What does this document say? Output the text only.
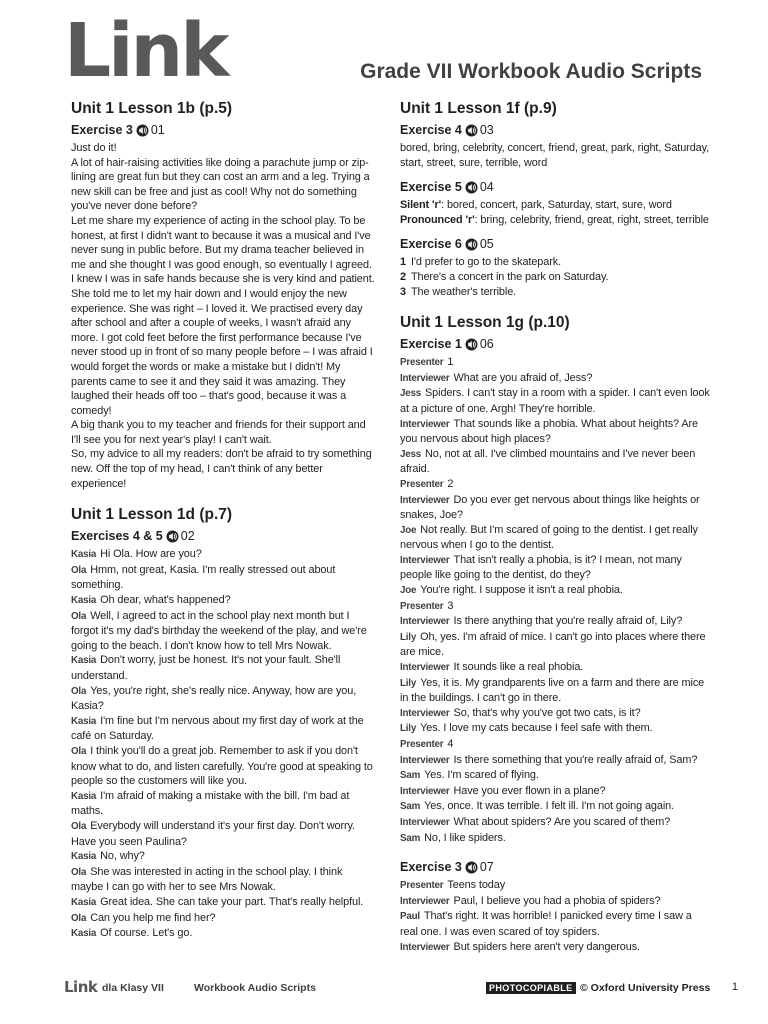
Link	Grade VII Workbook Audio Scripts
Unit 1 Lesson 1b (p.5)
Exercise 3 01
Just do it!
A lot of hair-raising activities like doing a parachute jump or zip-lining are great fun but they can cost an arm and a leg. Trying a new skill can be free and just as cool! Why not do something you've never done before?
Let me share my experience of acting in the school play. To be honest, at first I didn't want to because it was a musical and I've never sung in public before. But my drama teacher believed in me and she thought I was good enough, so eventually I agreed. I knew I was in safe hands because she is very kind and patient. She told me to let my hair down and I would enjoy the new experience. She was right – I loved it. We practised every day after school and after a couple of weeks, I wasn't afraid any more. I got cold feet before the first performance because I've never stood up in front of so many people before – I was afraid I would forget the words or make a mistake but I didn't! My parents came to see it and they said it was amazing. They laughed their heads off too – that's good, because it was a comedy!
A big thank you to my teacher and friends for their support and I'll see you for next year's play! I can't wait.
So, my advice to all my readers: don't be afraid to try something new. Off the top of my head, I can't think of any better experience!
Unit 1 Lesson 1d (p.7)
Exercises 4 & 5 02
Kasia Hi Ola. How are you?
Ola Hmm, not great, Kasia. I'm really stressed out about something.
Kasia Oh dear, what's happened?
Ola Well, I agreed to act in the school play next month but I forgot it's my dad's birthday the weekend of the play, and we're going to the beach. I don't know how to tell Mrs Nowak.
Kasia Don't worry, just be honest. It's not your fault. She'll understand.
Ola Yes, you're right, she's really nice. Anyway, how are you, Kasia?
Kasia I'm fine but I'm nervous about my first day of work at the café on Saturday.
Ola I think you'll do a great job. Remember to ask if you don't know what to do, and listen carefully. You're good at speaking to people so the customers will like you.
Kasia I'm afraid of making a mistake with the bill. I'm bad at maths.
Ola Everybody will understand it's your first day. Don't worry. Have you seen Paulina?
Kasia No, why?
Ola She was interested in acting in the school play. I think maybe I can go with her to see Mrs Nowak.
Kasia Great idea. She can take your part. That's really helpful.
Ola Can you help me find her?
Kasia Of course. Let's go.
Unit 1 Lesson 1f (p.9)
Exercise 4 03
bored, bring, celebrity, concert, friend, great, park, right, Saturday, start, street, sure, terrible, word
Exercise 5 04
Silent 'r': bored, concert, park, Saturday, start, sure, word
Pronounced 'r': bring, celebrity, friend, great, right, street, terrible
Exercise 6 05
1 I'd prefer to go to the skatepark.
2 There's a concert in the park on Saturday.
3 The weather's terrible.
Unit 1 Lesson 1g (p.10)
Exercise 1 06
Presenter 1
Interviewer What are you afraid of, Jess?
Jess Spiders. I can't stay in a room with a spider. I can't even look at a picture of one. Argh! They're horrible.
Interviewer That sounds like a phobia. What about heights? Are you nervous about high places?
Jess No, not at all. I've climbed mountains and I've never been afraid.
Presenter 2
Interviewer Do you ever get nervous about things like heights or snakes, Joe?
Joe Not really. But I'm scared of going to the dentist. I get really nervous when I go to the dentist.
Interviewer That isn't really a phobia, is it? I mean, not many people like going to the dentist, do they?
Joe You're right. I suppose it isn't a real phobia.
Presenter 3
Interviewer Is there anything that you're really afraid of, Lily?
Lily Oh, yes. I'm afraid of mice. I can't go into places where there are mice.
Interviewer It sounds like a real phobia.
Lily Yes, it is. My grandparents live on a farm and there are mice in the buildings. I can't go in there.
Interviewer So, that's why you've got two cats, is it?
Lily Yes. I love my cats because I feel safe with them.
Presenter 4
Interviewer Is there something that you're really afraid of, Sam?
Sam Yes. I'm scared of flying.
Interviewer Have you ever flown in a plane?
Sam Yes, once. It was terrible. I felt ill. I'm not going again.
Interviewer What about spiders? Are you scared of them?
Sam No, I like spiders.
Exercise 3 07
Presenter Teens today
Interviewer Paul, I believe you had a phobia of spiders?
Paul That's right. It was horrible! I panicked every time I saw a real one. I was even scared of toy spiders.
Interviewer But spiders here aren't very dangerous.
Link dla Klasy VII	Workbook Audio Scripts	PHOTOCOPIABLE © Oxford University Press 1
